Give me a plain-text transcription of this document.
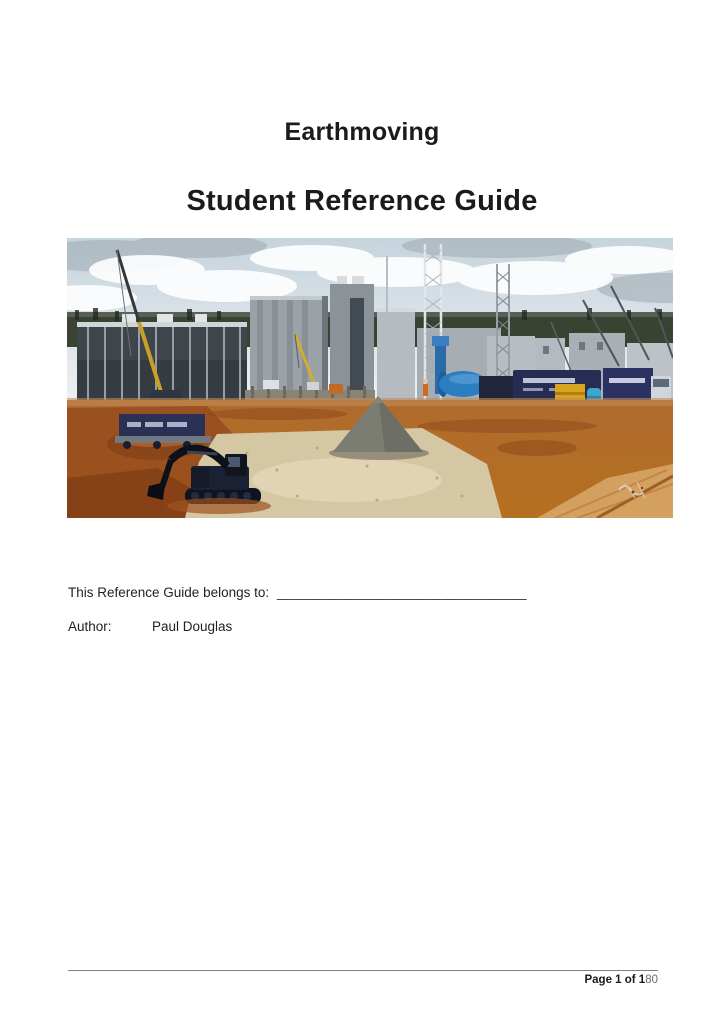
Earthmoving
Student Reference Guide
This Reference Guide belongs to: ________________________________
Author:	Paul Douglas
Page 1 of 180
